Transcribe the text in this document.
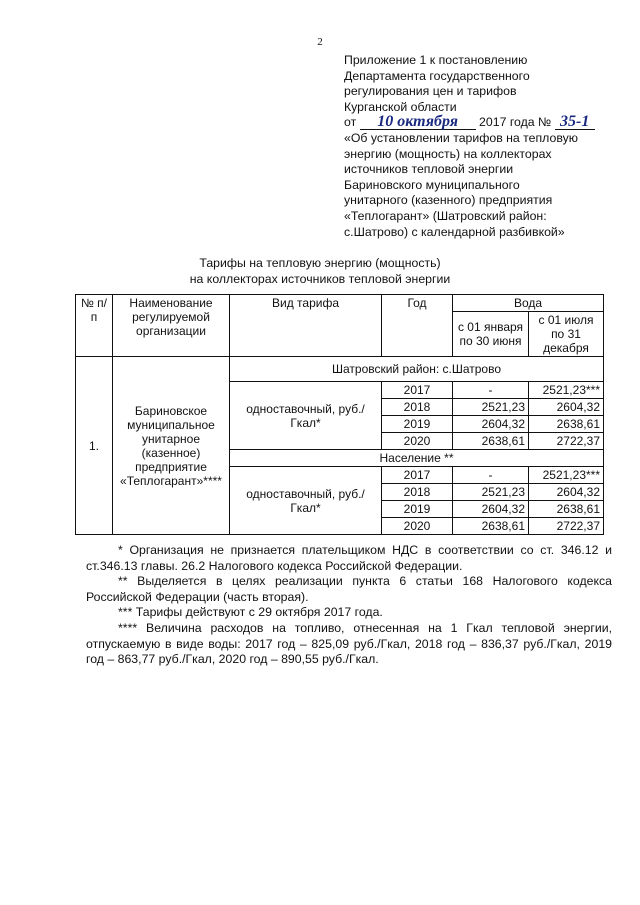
2
Приложение 1 к постановлению
Департамента государственного
регулирования цен и тарифов
Курганской области
от 10 октября 2017 года № 35-1
«Об установлении тарифов на тепловую
энергию (мощность) на коллекторах
источников тепловой энергии
Бариновского муниципального
унитарного (казенного) предприятия
«Теплогарант» (Шатровский район:
с.Шатрово) с календарной разбивкой»
Тарифы на тепловую энергию (мощность)
на коллекторах источников тепловой энергии
№ п/п	Наименование регулируемой организации	Вид тарифа	Год	Вода	
				с 01 января по 30 июня	с 01 июля по 31 декабря
1.	Бариновское муниципальное унитарное (казенное) предприятие «Теплогарант»****	Шатровский район: с.Шатрово			
		одноставочный, руб./Гкал*	2017	-	2521,23***
			2018	2521,23	2604,32
			2019	2604,32	2638,61
			2020	2638,61	2722,37
		Население **			
		одноставочный, руб./Гкал*	2017	-	2521,23***
			2018	2521,23	2604,32
			2019	2604,32	2638,61
			2020	2638,61	2722,37

* Организация не признается плательщиком НДС в соответствии со ст. 346.12 и ст.346.13 главы. 26.2 Налогового кодекса Российской Федерации.

** Выделяется в целях реализации пункта 6 статьи 168 Налогового кодекса Российской Федерации (часть вторая).

*** Тарифы действуют с 29 октября 2017 года.

**** Величина расходов на топливо, отнесенная на 1 Гкал тепловой энергии, отпускаемую в виде воды: 2017 год – 825,09 руб./Гкал, 2018 год – 836,37 руб./Гкал, 2019 год – 863,77 руб./Гкал, 2020 год – 890,55 руб./Гкал.
